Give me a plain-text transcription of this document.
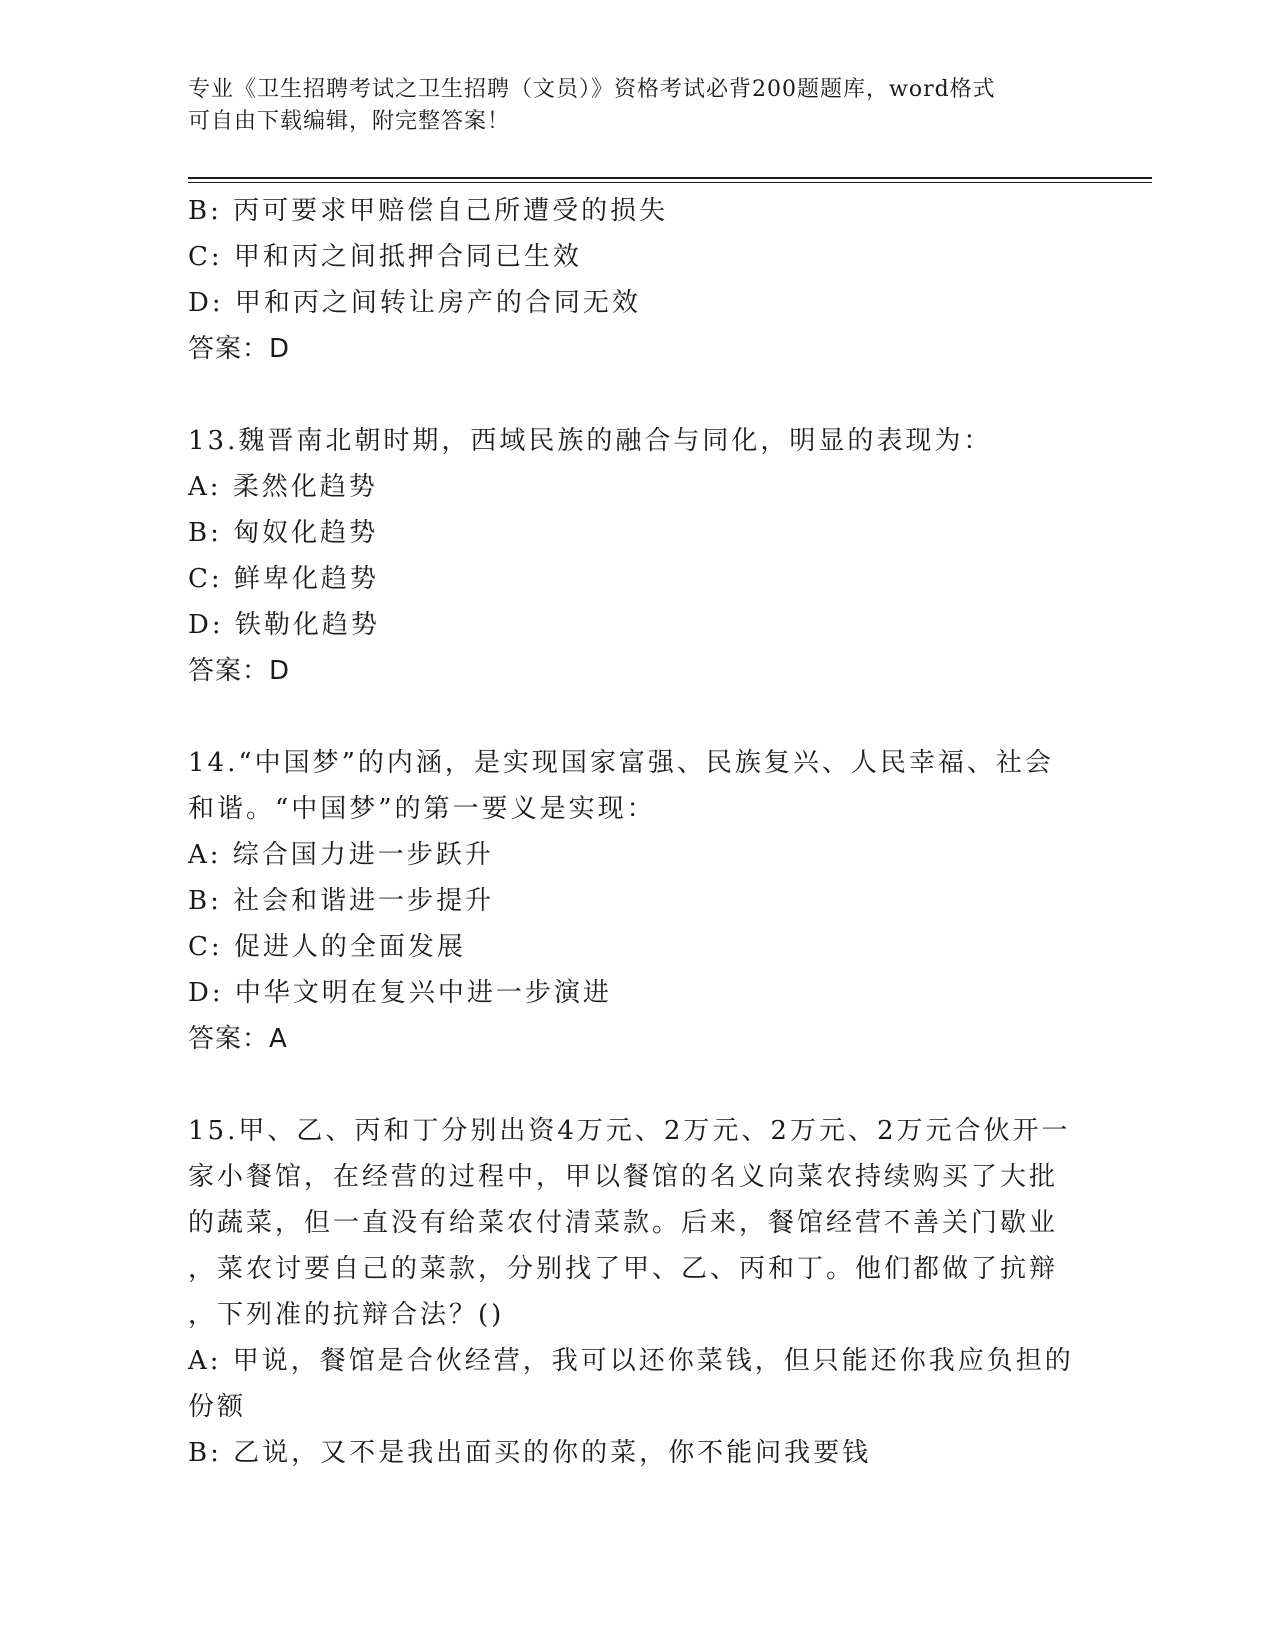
专业《卫生招聘考试之卫生招聘（文员）》资格考试必背200题题库，word格式
可自由下载编辑，附完整答案！
B: 丙可要求甲赔偿自己所遭受的损失
C: 甲和丙之间抵押合同已生效
D: 甲和丙之间转让房产的合同无效
答案：D
13.魏晋南北朝时期，西域民族的融合与同化，明显的表现为：
A: 柔然化趋势
B: 匈奴化趋势
C: 鲜卑化趋势
D: 铁勒化趋势
答案：D
14.“中国梦”的内涵，是实现国家富强、民族复兴、人民幸福、社会
和谐。“中国梦”的第一要义是实现：
A: 综合国力进一步跃升
B: 社会和谐进一步提升
C: 促进人的全面发展
D: 中华文明在复兴中进一步演进
答案：A
15.甲、乙、丙和丁分别出资4万元、2万元、2万元、2万元合伙开一
家小餐馆，在经营的过程中，甲以餐馆的名义向菜农持续购买了大批
的蔬菜，但一直没有给菜农付清菜款。后来，餐馆经营不善关门歇业
，菜农讨要自己的菜款，分别找了甲、乙、丙和丁。他们都做了抗辩
，下列准的抗辩合法？()
A: 甲说，餐馆是合伙经营，我可以还你菜钱，但只能还你我应负担的
份额
B: 乙说，又不是我出面买的你的菜，你不能问我要钱
